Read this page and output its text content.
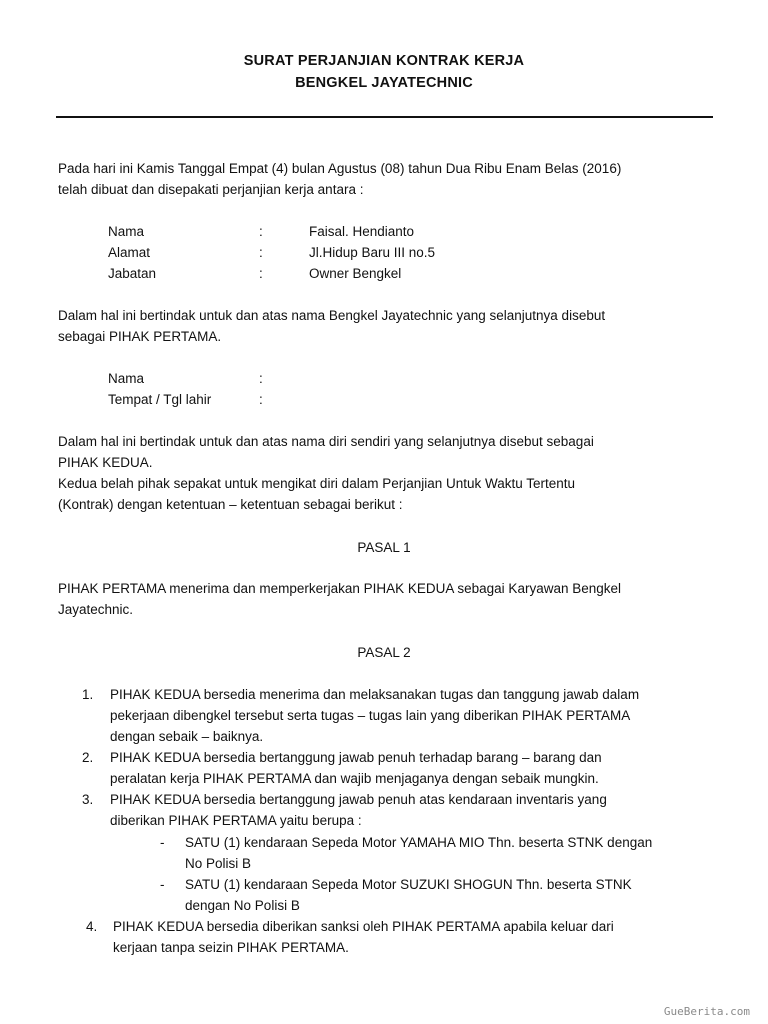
SURAT PERJANJIAN KONTRAK KERJA
BENGKEL JAYATECHNIC
Pada hari ini Kamis Tanggal Empat (4) bulan Agustus (08) tahun Dua Ribu Enam Belas (2016)
telah dibuat dan disepakati perjanjian kerja antara :
Nama	:	Faisal. Hendianto
Alamat	:	Jl.Hidup Baru III no.5
Jabatan	:	Owner Bengkel
Dalam hal ini bertindak untuk dan atas nama Bengkel Jayatechnic yang selanjutnya disebut
sebagai PIHAK PERTAMA.
Nama	:
Tempat / Tgl lahir	:
Dalam hal ini bertindak untuk dan atas nama diri sendiri yang selanjutnya disebut sebagai
PIHAK KEDUA.
Kedua belah pihak sepakat untuk mengikat diri dalam Perjanjian Untuk Waktu Tertentu
(Kontrak) dengan ketentuan – ketentuan sebagai berikut :
PASAL 1
PIHAK PERTAMA menerima dan memperkerjakan PIHAK KEDUA sebagai Karyawan Bengkel
Jayatechnic.
PASAL 2
1. PIHAK KEDUA bersedia menerima dan melaksanakan tugas dan tanggung jawab dalam
pekerjaan dibengkel tersebut serta tugas – tugas lain yang diberikan PIHAK PERTAMA
dengan sebaik – baiknya.
2. PIHAK KEDUA bersedia bertanggung jawab penuh terhadap barang – barang dan
peralatan kerja PIHAK PERTAMA dan wajib menjaganya dengan sebaik mungkin.
3. PIHAK KEDUA bersedia bertanggung jawab penuh atas kendaraan inventaris yang
diberikan PIHAK PERTAMA yaitu berupa :
- SATU (1) kendaraan Sepeda Motor YAMAHA MIO Thn. beserta STNK dengan
No Polisi B
- SATU (1) kendaraan Sepeda Motor SUZUKI SHOGUN Thn. beserta STNK
dengan No Polisi B
4. PIHAK KEDUA bersedia diberikan sanksi oleh PIHAK PERTAMA apabila keluar dari
kerjaan tanpa seizin PIHAK PERTAMA.
GueBerita.com
